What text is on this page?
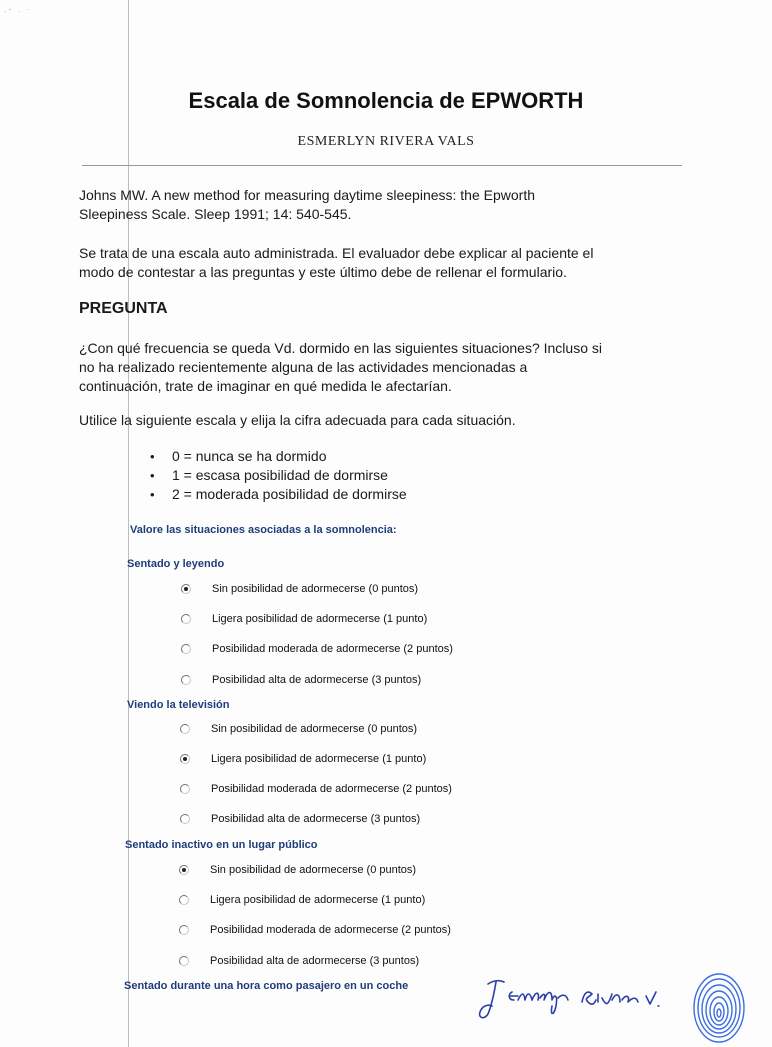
.- . ·
Escala de Somnolencia de EPWORTH
ESMERLYN RIVERA VALS

Johns MW. A new method for measuring daytime sleepiness: the Epworth
Sleepiness Scale. Sleep 1991; 14: 540-545.

Se trata de una escala auto administrada. El evaluador debe explicar al paciente el
modo de contestar a las preguntas y este último debe de rellenar el formulario.

PREGUNTA

¿Con qué frecuencia se queda Vd. dormido en las siguientes situaciones? Incluso si
no ha realizado recientemente alguna de las actividades mencionadas a
continuación, trate de imaginar en qué medida le afectarían.

Utilice la siguiente escala y elija la cifra adecuada para cada situación.

• 0 = nunca se ha dormido
• 1 = escasa posibilidad de dormirse
• 2 = moderada posibilidad de dormirse
Valore las situaciones asociadas a la somnolencia:
Sentado y leyendo
Sin posibilidad de adormecerse (0 puntos)
Ligera posibilidad de adormecerse (1 punto)
Posibilidad moderada de adormecerse (2 puntos)
Posibilidad alta de adormecerse (3 puntos)
Viendo la televisión
Sin posibilidad de adormecerse (0 puntos)
Ligera posibilidad de adormecerse (1 punto)
Posibilidad moderada de adormecerse (2 puntos)
Posibilidad alta de adormecerse (3 puntos)
Sentado inactivo en un lugar público
Sin posibilidad de adormecerse (0 puntos)
Ligera posibilidad de adormecerse (1 punto)
Posibilidad moderada de adormecerse (2 puntos)
Posibilidad alta de adormecerse (3 puntos)
Sentado durante una hora como pasajero en un coche
